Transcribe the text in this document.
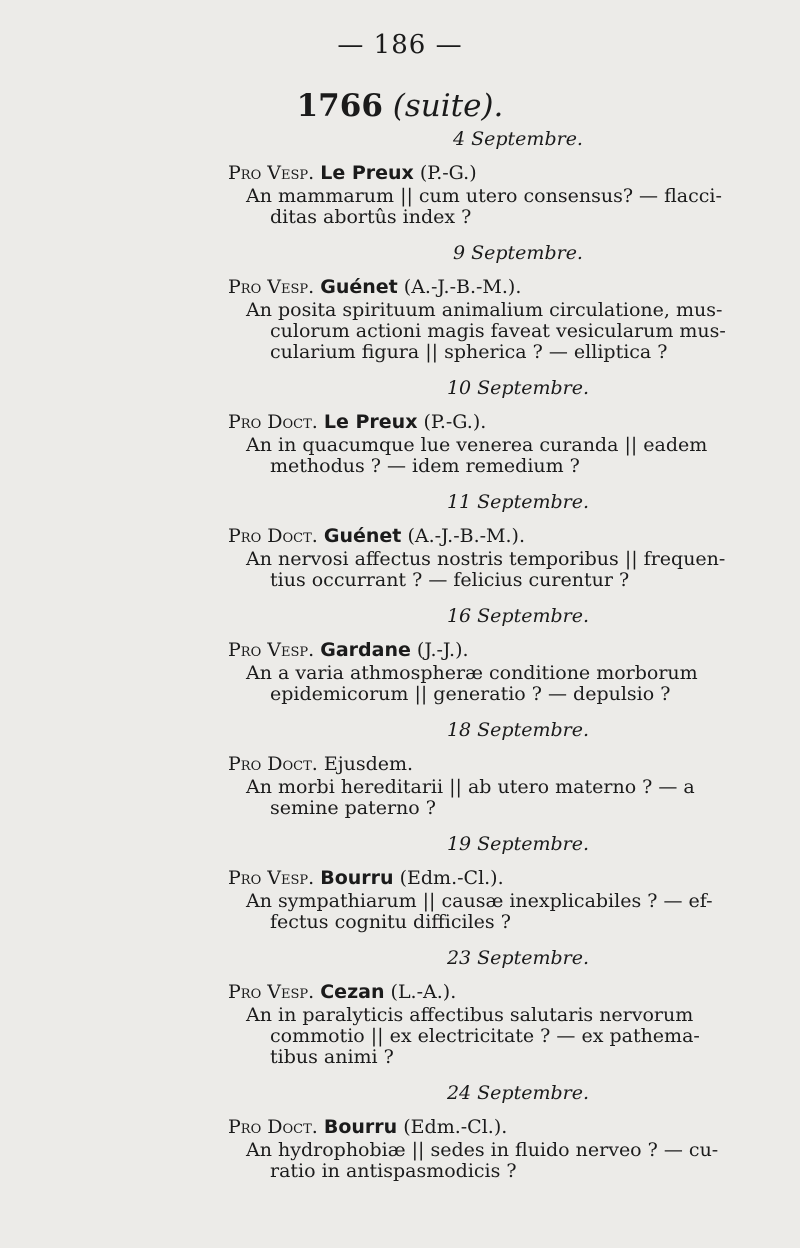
— 186 —
1766 (suite).
4 Septembre.
Pro Vesp. Le Preux (P.-G.)
An mammarum || cum utero consensus? — flacci-
ditas abortûs index ?
9 Septembre.
Pro Vesp. Guénet (A.-J.-B.-M.).
An posita spirituum animalium circulatione, mus-
culorum actioni magis faveat vesicularum mus-
cularium figura || spherica ? — elliptica ?
10 Septembre.
Pro Doct. Le Preux (P.-G.).
An in quacumque lue venerea curanda || eadem
methodus ? — idem remedium ?
11 Septembre.
Pro Doct. Guénet (A.-J.-B.-M.).
An nervosi affectus nostris temporibus || frequen-
tius occurrant ? — felicius curentur ?
16 Septembre.
Pro Vesp. Gardane (J.-J.).
An a varia athmospheræ conditione morborum
epidemicorum || generatio ? — depulsio ?
18 Septembre.
Pro Doct. Ejusdem.
An morbi hereditarii || ab utero materno ? — a
semine paterno ?
19 Septembre.
Pro Vesp. Bourru (Edm.-Cl.).
An sympathiarum || causæ inexplicabiles ? — ef-
fectus cognitu difficiles ?
23 Septembre.
Pro Vesp. Cezan (L.-A.).
An in paralyticis affectibus salutaris nervorum
commotio || ex electricitate ? — ex pathema-
tibus animi ?
24 Septembre.
Pro Doct. Bourru (Edm.-Cl.).
An hydrophobiæ || sedes in fluido nerveo ? — cu-
ratio in antispasmodicis ?
